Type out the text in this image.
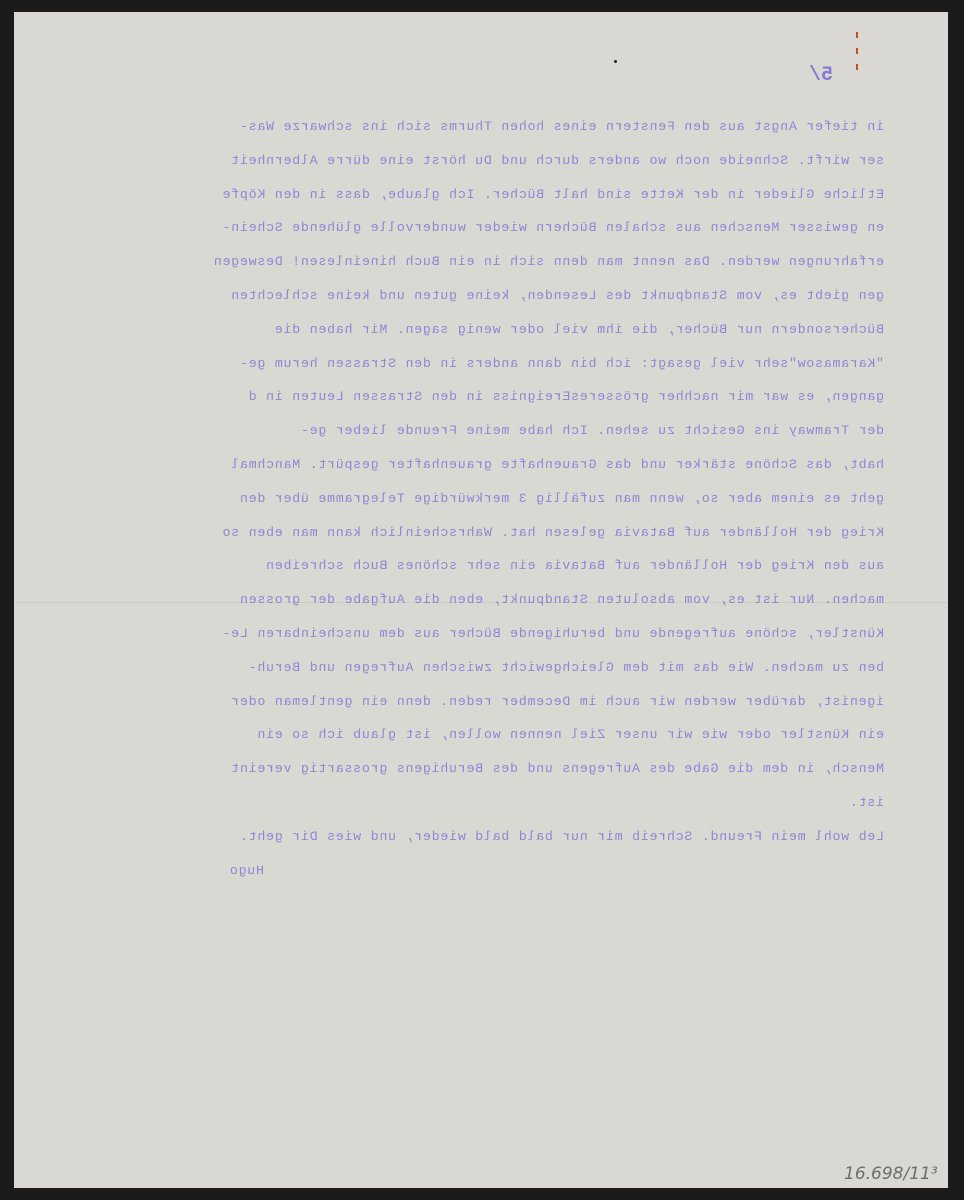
5/
in tiefer Angst aus den Fenstern eines hohen Thurms sich ins schwarze Was-
ser wirft. Schneide noch wo anders durch und Du hörst eine dürre Albernheit
Etliche Glieder in der Kette sind halt Bücher. Ich glaube, dass in den Köpfe
en gewisser Menschen aus schalen Büchern wieder wundervolle glühende Schein-
erfahrungen werden. Das nennt man denn sich in ein Buch hineinlesen! Deswegen
gen giebt es, vom Standpunkt des Lesenden, keine guten und keine schlechten
Büchersondern nur Bücher, die ihm viel oder wenig sagen. Mir haben die
"Karamasow"sehr viel gesagt: ich bin dann anders in den Strassen herum ge-
gangen, es war mir nachher grösseresEreigniss in den Strassen Leuten in d
der Tramway ins Gesicht zu sehen. Ich habe meine Freunde lieber ge-
habt, das Schöne stärker und das Grauenhafte grauenhafter gespürt. Manchmal
geht es einem aber so, wenn man zufällig 3 merkwürdige Telegramme über den
Krieg der Holländer auf Batavia gelesen hat. Wahrscheinlich kann man eben so
aus den Krieg der Holländer auf Batavia ein sehr schönes Buch schreiben
machen. Nur ist es, vom absoluten Standpunkt, eben die Aufgabe der grossen
Künstler, schöne aufregende und beruhigende Bücher aus dem unscheinbaren Le-
ben zu machen. Wie das mit dem Gleichgewicht zwischen Aufregen und Beruh-
igenist, darüber werden wir auch im December reden. denn ein gentleman oder
ein Künstler oder wie wir unser Ziel nennen wollen, ist glaub ich so ein
Mensch, in dem die Gabe des Aufregens und des Beruhigens grossartig vereint
ist.
Leb wohl mein Freund. Schreib mir nur bald bald wieder, und wies Dir geht.
Hugo
16.698/11³
